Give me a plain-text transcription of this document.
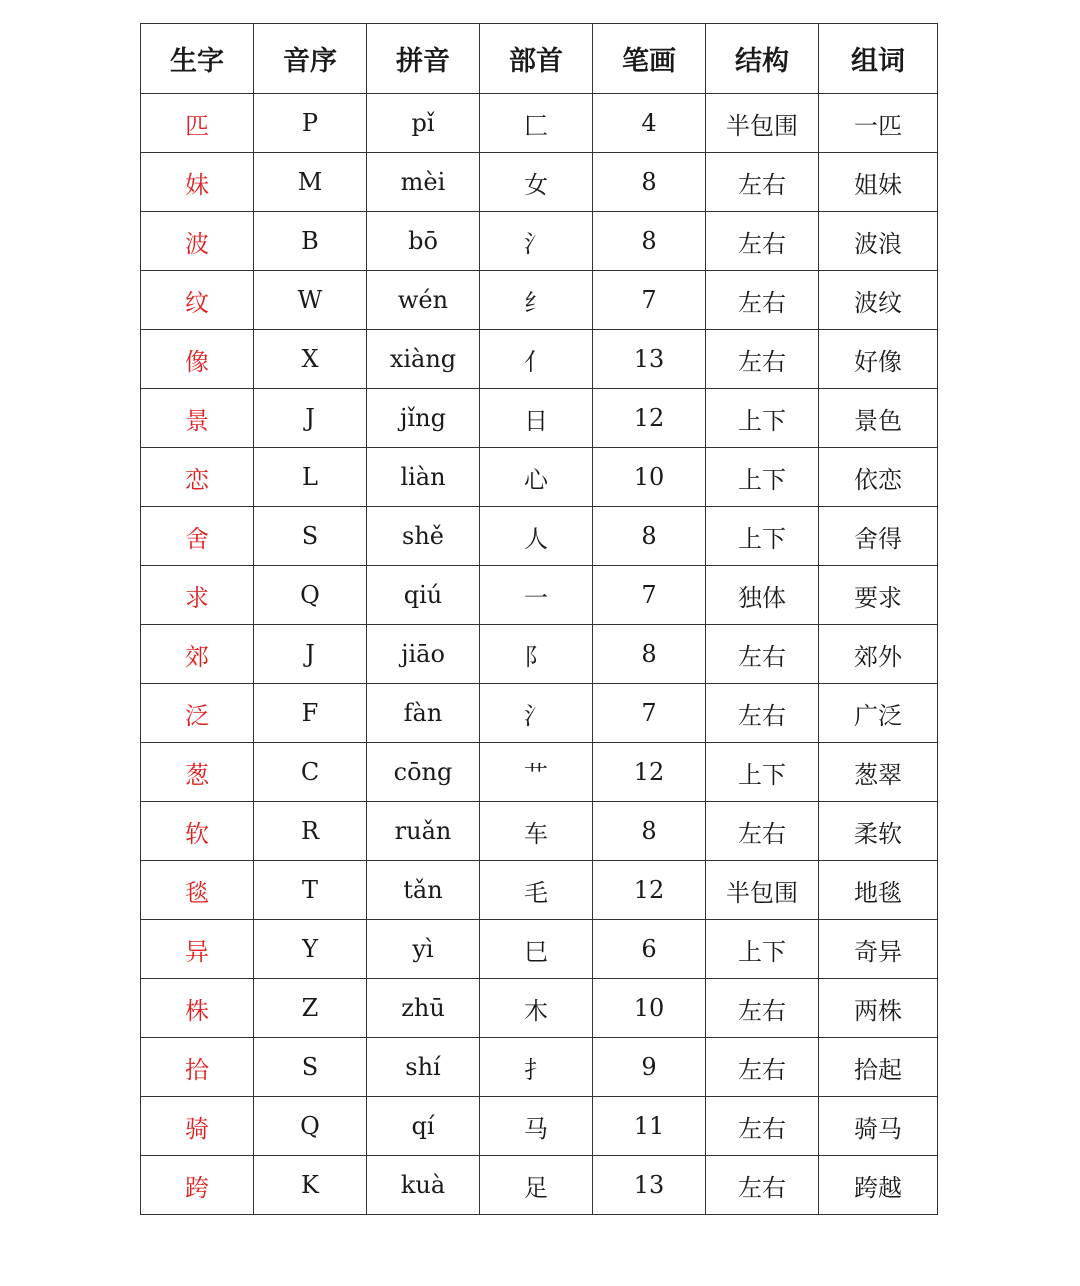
生字	音序	拼音	部首	笔画	结构	组词
匹	P	pǐ	匚	4	半包围	一匹
妹	M	mèi	女	8	左右	姐妹
波	B	bō	氵	8	左右	波浪
纹	W	wén	纟	7	左右	波纹
像	X	xiàng	亻	13	左右	好像
景	J	jǐng	日	12	上下	景色
恋	L	liàn	心	10	上下	依恋
舍	S	shě	人	8	上下	舍得
求	Q	qiú	一	7	独体	要求
郊	J	jiāo	阝	8	左右	郊外
泛	F	fàn	氵	7	左右	广泛
葱	C	cōng	艹	12	上下	葱翠
软	R	ruǎn	车	8	左右	柔软
毯	T	tǎn	毛	12	半包围	地毯
异	Y	yì	巳	6	上下	奇异
株	Z	zhū	木	10	左右	两株
拾	S	shí	扌	9	左右	拾起
骑	Q	qí	马	11	左右	骑马
跨	K	kuà	足	13	左右	跨越
